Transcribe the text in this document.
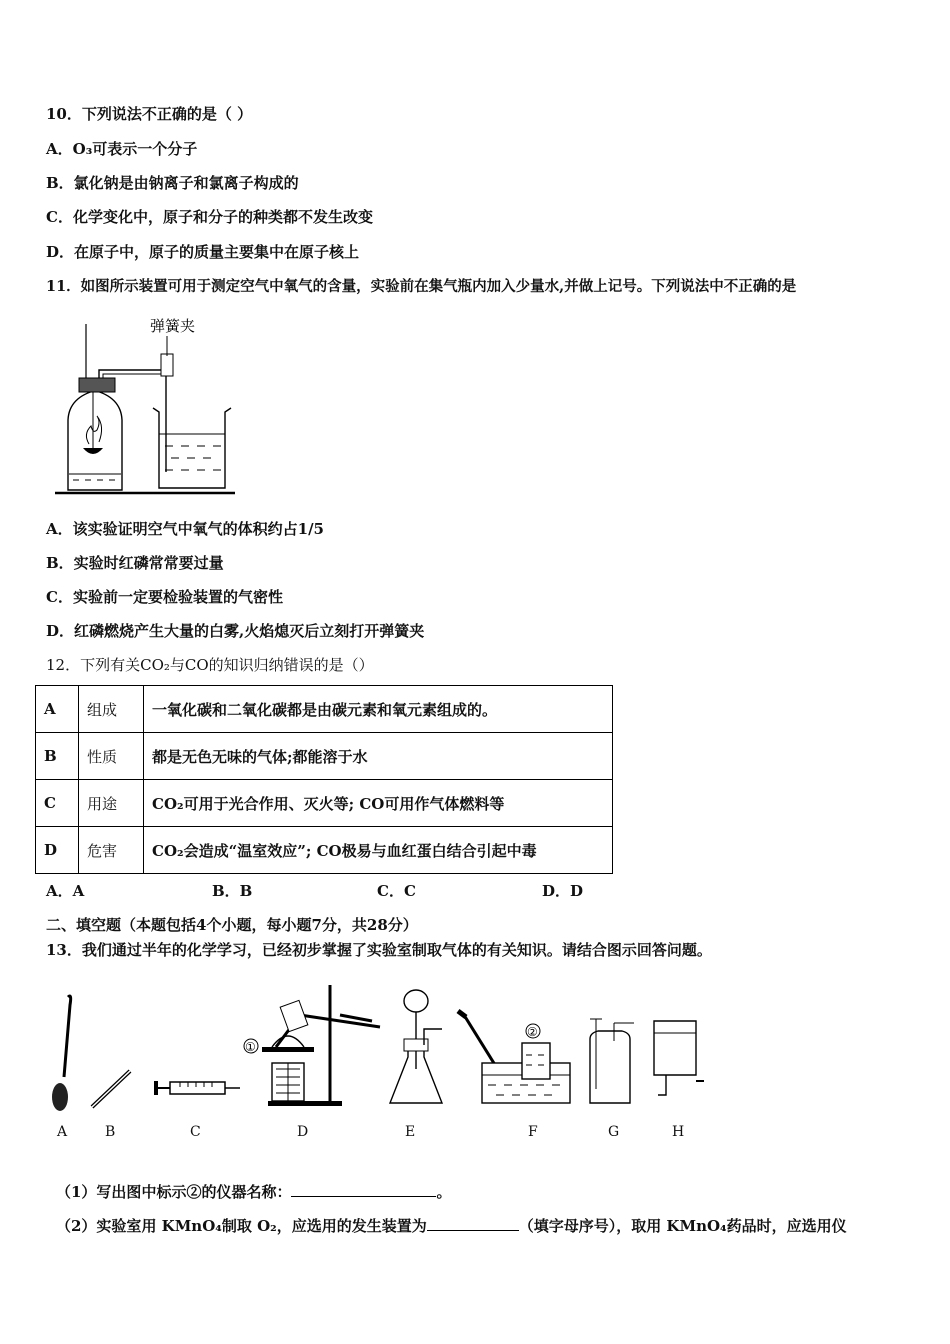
10．下列说法不正确的是（ ）
A．O₃可表示一个分子
B．氯化钠是由钠离子和氯离子构成的
C．化学变化中，原子和分子的种类都不发生改变
D．在原子中，原子的质量主要集中在原子核上
11．如图所示装置可用于测定空气中氧气的含量，实验前在集气瓶内加入少量水,并做上记号。下列说法中不正确的是
弹簧夹
A．该实验证明空气中氧气的体积约占1/5
B．实验时红磷常常要过量
C．实验前一定要检验装置的气密性
D．红磷燃烧产生大量的白雾,火焰熄灭后立刻打开弹簧夹
12．下列有关CO₂与CO的知识归纳错误的是（）
A	组成	一氧化碳和二氧化碳都是由碳元素和氧元素组成的。
B	性质	都是无色无味的气体;都能溶于水
C	用途	CO₂可用于光合作用、灭火等; CO可用作气体燃料等
D	危害	CO₂会造成“温室效应”; CO极易与血红蛋白结合引起中毒
A．A	B．B	C．C	D．D
二、填空题（本题包括4个小题，每小题7分，共28分）
13．我们通过半年的化学学习，已经初步掌握了实验室制取气体的有关知识。请结合图示回答问题。
①
②
A	B	C	D	E	F	G	H
（1）写出图中标示②的仪器名称：	。
（2）实验室用 KMnO₄制取 O₂，应选用的发生装置为	（填字母序号），取用 KMnO₄药品时，应选用仪
